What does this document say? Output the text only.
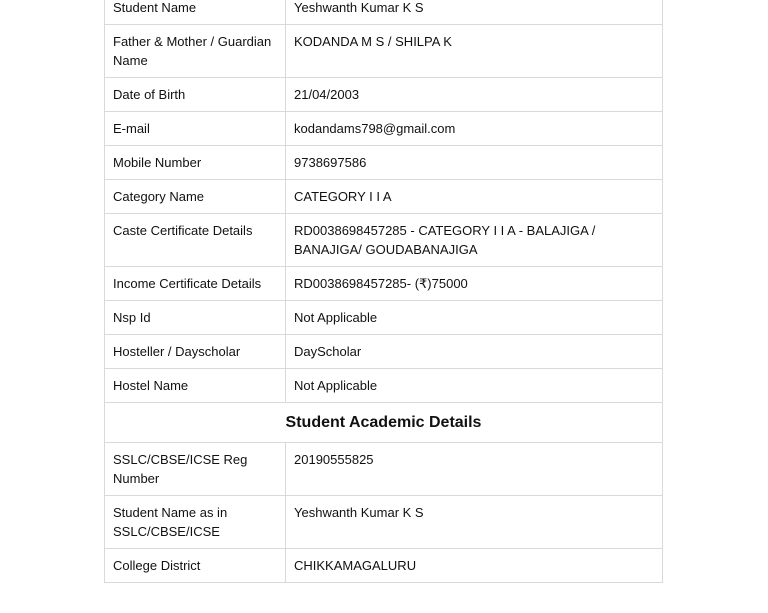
Student Name	Yeshwanth Kumar K S
Father & Mother / Guardian Name	KODANDA M S / SHILPA K
Date of Birth	21/04/2003
E-mail	kodandams798@gmail.com
Mobile Number	9738697586
Category Name	CATEGORY I I A
Caste Certificate Details	RD0038698457285 - CATEGORY I I A - BALAJIGA / BANAJIGA/ GOUDABANAJIGA
Income Certificate Details	RD0038698457285- (₹)75000
Nsp Id	Not Applicable
Hosteller / Dayscholar	DayScholar
Hostel Name	Not Applicable
Student Academic Details	
SSLC/CBSE/ICSE Reg Number	20190555825
Student Name as in SSLC/CBSE/ICSE	Yeshwanth Kumar K S
College District	CHIKKAMAGALURU
